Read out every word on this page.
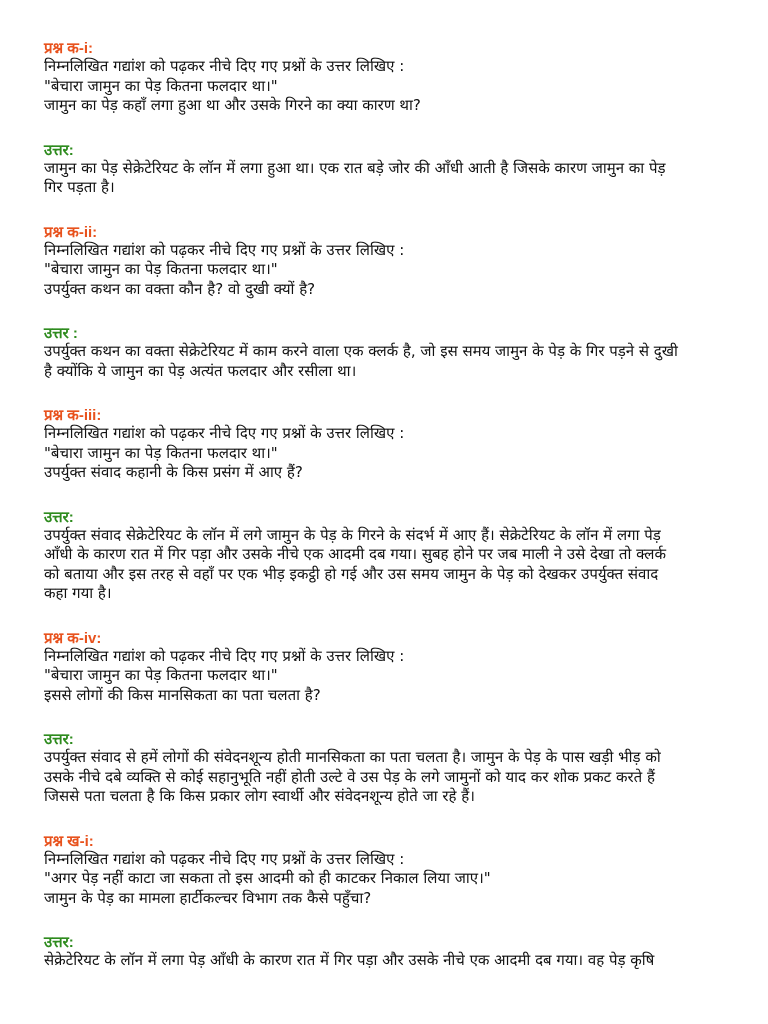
प्रश्न क-i:

निम्नलिखित गद्यांश को पढ़कर नीचे दिए गए प्रश्नों के उत्तर लिखिए :

"बेचारा जामुन का पेड़ कितना फलदार था।"

जामुन का पेड़ कहाँ लगा हुआ था और उसके गिरने का क्या कारण था?

उत्तर:

जामुन का पेड़ सेक्रेटेरियट के लॉन में लगा हुआ था। एक रात बड़े जोर की आँधी आती है जिसके कारण जामुन का पेड़

गिर पड़ता है।

प्रश्न क-ii:

निम्नलिखित गद्यांश को पढ़कर नीचे दिए गए प्रश्नों के उत्तर लिखिए :

"बेचारा जामुन का पेड़ कितना फलदार था।"

उपर्युक्त कथन का वक्ता कौन है? वो दुखी क्यों है?

उत्तर :

उपर्युक्त कथन का वक्ता सेक्रेटेरियट में काम करने वाला एक क्लर्क है, जो इस समय जामुन के पेड़ के गिर पड़ने से दुखी

है क्योंकि ये जामुन का पेड़ अत्यंत फलदार और रसीला था।

प्रश्न क-iii:

निम्नलिखित गद्यांश को पढ़कर नीचे दिए गए प्रश्नों के उत्तर लिखिए :

"बेचारा जामुन का पेड़ कितना फलदार था।"

उपर्युक्त संवाद कहानी के किस प्रसंग में आए हैं?

उत्तर:

उपर्युक्त संवाद सेक्रेटेरियट के लॉन में लगे जामुन के पेड़ के गिरने के संदर्भ में आए हैं। सेक्रेटेरियट के लॉन में लगा पेड़

आँधी के कारण रात में गिर पड़ा और उसके नीचे एक आदमी दब गया। सुबह होने पर जब माली ने उसे देखा तो क्लर्क

को बताया और इस तरह से वहाँ पर एक भीड़ इकट्ठी हो गई और उस समय जामुन के पेड़ को देखकर उपर्युक्त संवाद

कहा गया है।

प्रश्न क-iv:

निम्नलिखित गद्यांश को पढ़कर नीचे दिए गए प्रश्नों के उत्तर लिखिए :

"बेचारा जामुन का पेड़ कितना फलदार था।"

इससे लोगों की किस मानसिकता का पता चलता है?

उत्तर:

उपर्युक्त संवाद से हमें लोगों की संवेदनशून्य होती मानसिकता का पता चलता है। जामुन के पेड़ के पास खड़ी भीड़ को

उसके नीचे दबे व्यक्ति से कोई सहानुभूति नहीं होती उल्टे वे उस पेड़ के लगे जामुनों को याद कर शोक प्रकट करते हैं

जिससे पता चलता है कि किस प्रकार लोग स्वार्थी और संवेदनशून्य होते जा रहे हैं।

प्रश्न ख-i:

निम्नलिखित गद्यांश को पढ़कर नीचे दिए गए प्रश्नों के उत्तर लिखिए :

"अगर पेड़ नहीं काटा जा सकता तो इस आदमी को ही काटकर निकाल लिया जाए।"

जामुन के पेड़ का मामला हार्टीकल्चर विभाग तक कैसे पहुँचा?

उत्तर:

सेक्रेटेरियट के लॉन में लगा पेड़ आँधी के कारण रात में गिर पड़ा और उसके नीचे एक आदमी दब गया। वह पेड़ कृषि
